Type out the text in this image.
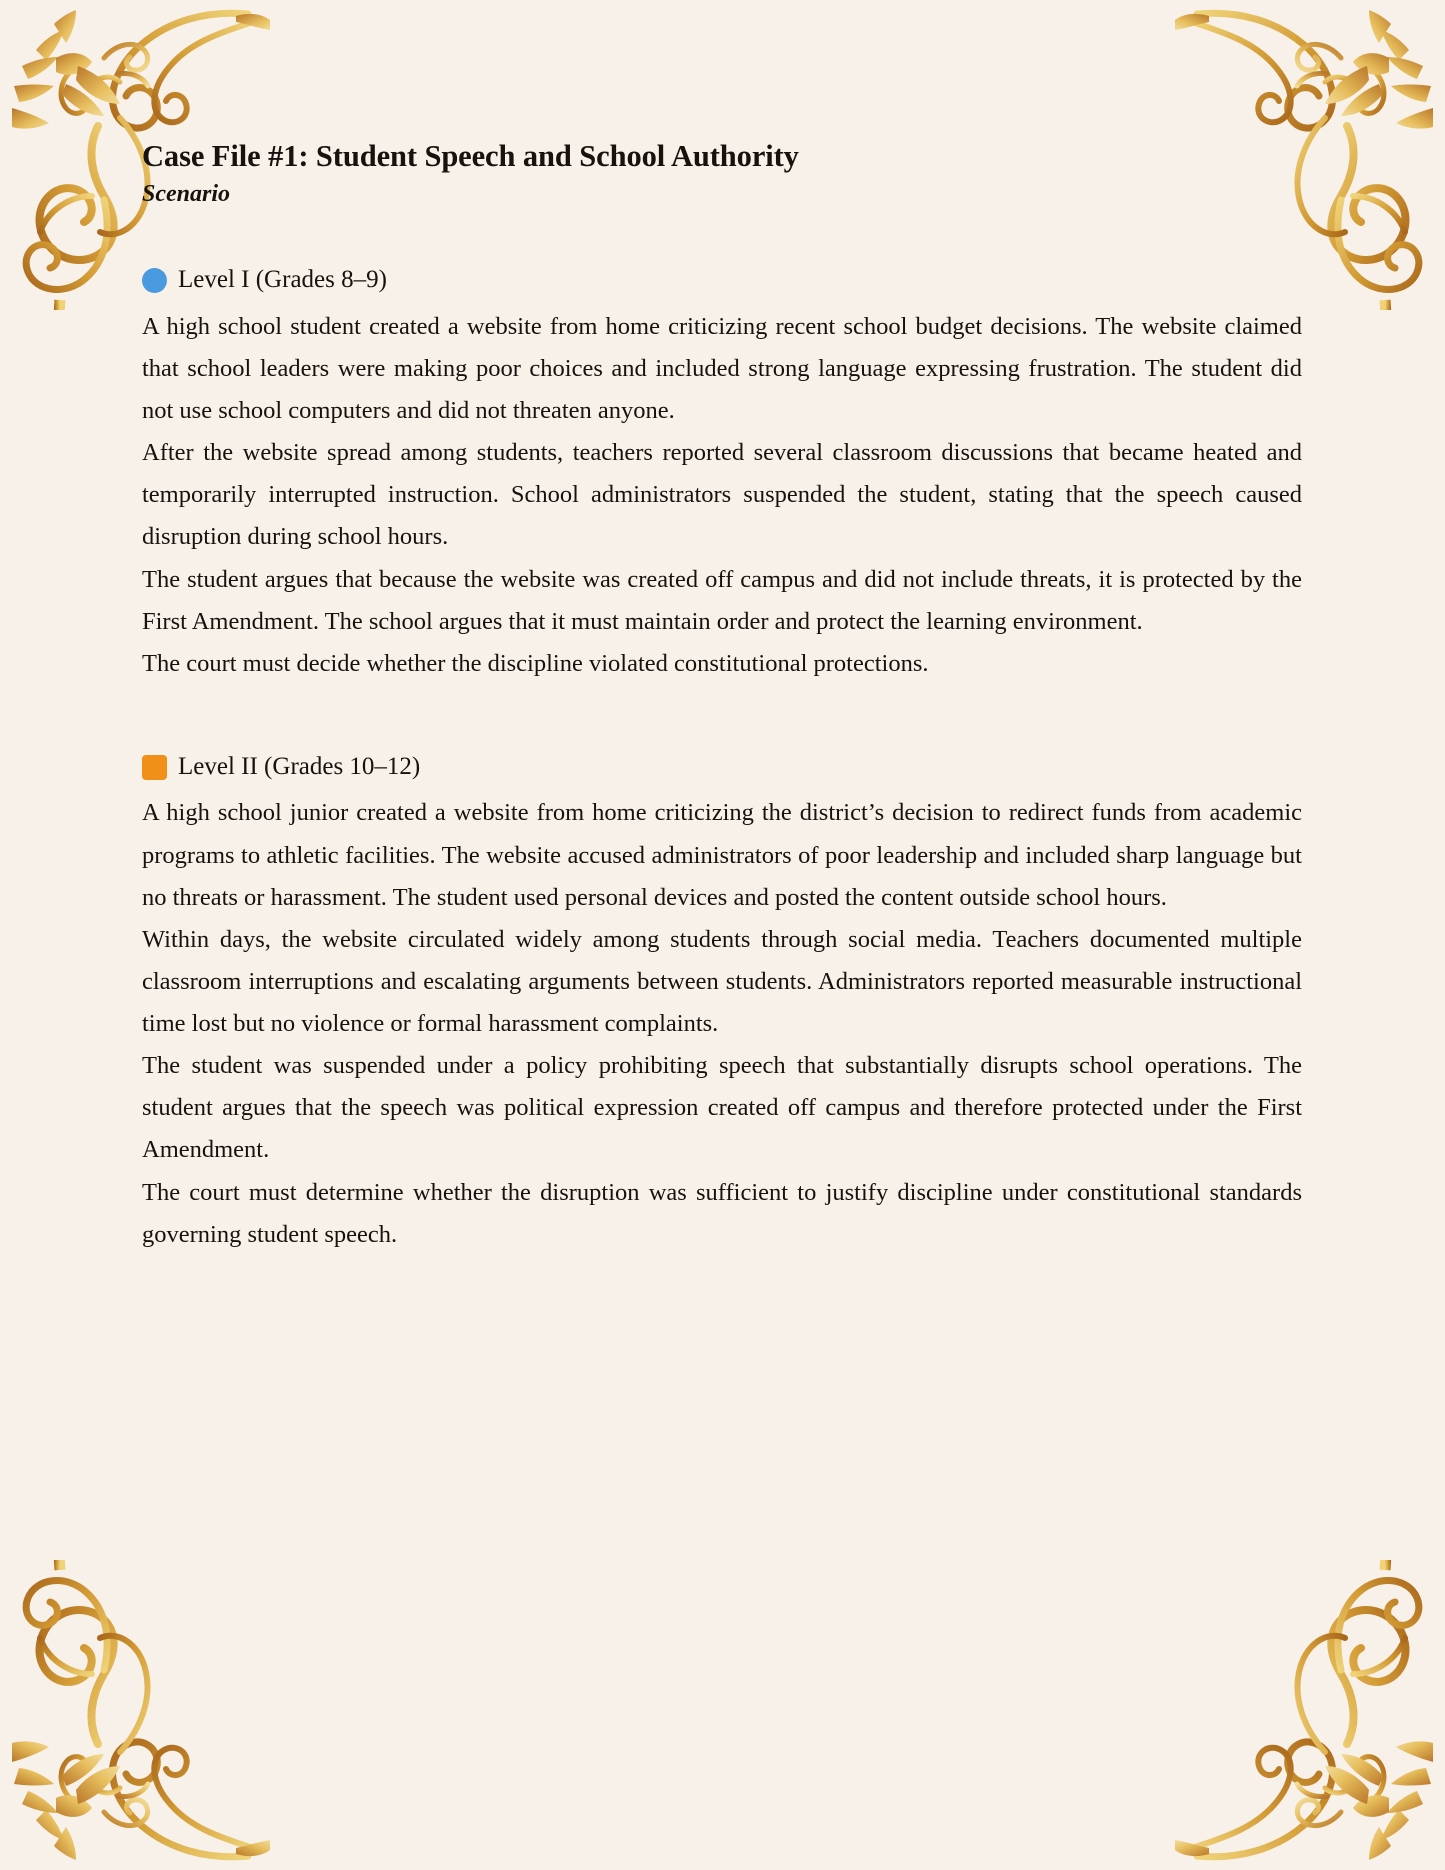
Case File #1: Student Speech and School Authority
Scenario
Level I (Grades 8–9)

A high school student created a website from home criticizing recent school budget decisions. The website claimed that school leaders were making poor choices and included strong language expressing frustration. The student did not use school computers and did not threaten anyone.

After the website spread among students, teachers reported several classroom discussions that became heated and temporarily interrupted instruction. School administrators suspended the student, stating that the speech caused disruption during school hours.

The student argues that because the website was created off campus and did not include threats, it is protected by the First Amendment. The school argues that it must maintain order and protect the learning environment.

The court must decide whether the discipline violated constitutional protections.

Level II (Grades 10–12)

A high school junior created a website from home criticizing the district’s decision to redirect funds from academic programs to athletic facilities. The website accused administrators of poor leadership and included sharp language but no threats or harassment. The student used personal devices and posted the content outside school hours.

Within days, the website circulated widely among students through social media. Teachers documented multiple classroom interruptions and escalating arguments between students. Administrators reported measurable instructional time lost but no violence or formal harassment complaints.

The student was suspended under a policy prohibiting speech that substantially disrupts school operations. The student argues that the speech was political expression created off campus and therefore protected under the First Amendment.

The court must determine whether the disruption was sufficient to justify discipline under constitutional standards governing student speech.
